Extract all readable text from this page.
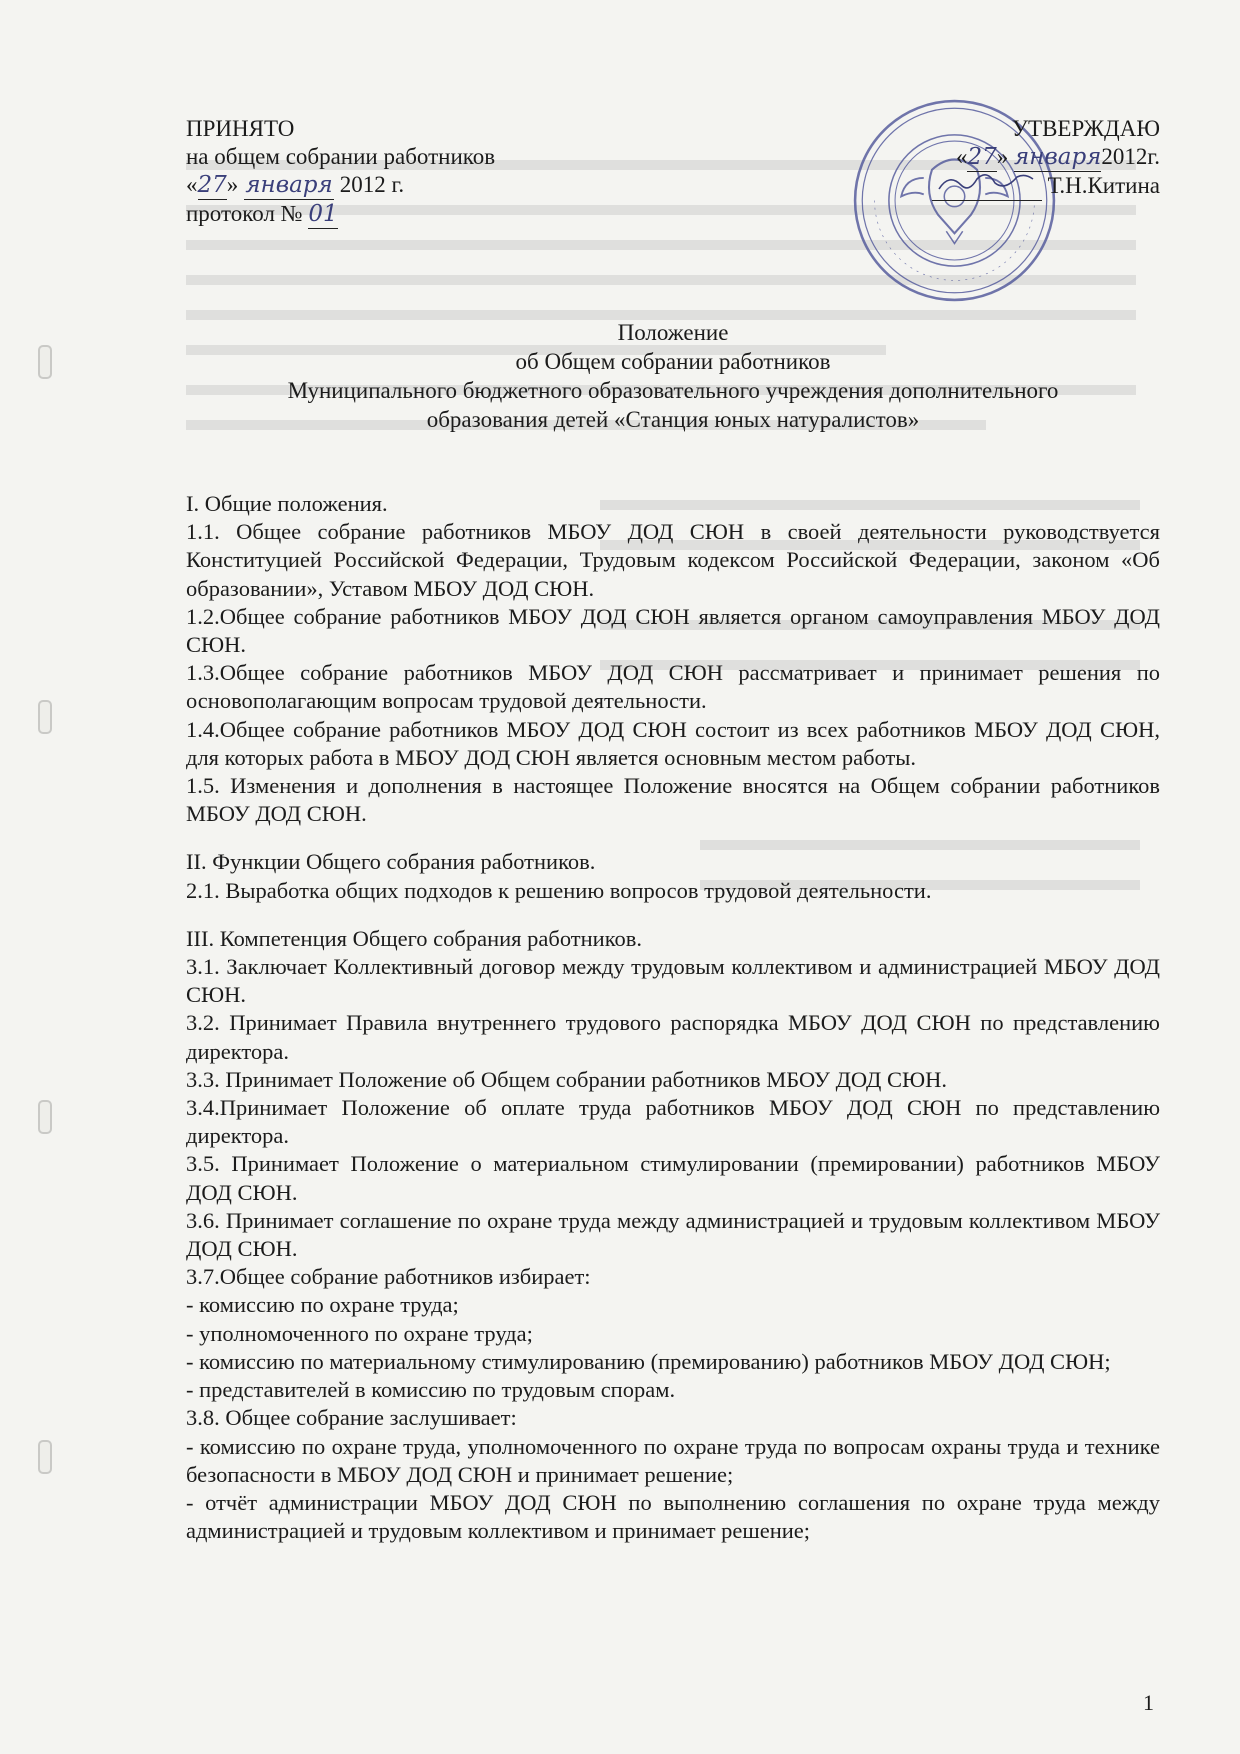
ПРИНЯТО
на общем собрании работников
«27» января 2012 г.
протокол № 01
УТВЕРЖДАЮ
«27» января2012г.
Т.Н.Китина
Положение
об Общем собрании работников
Муниципального бюджетного образовательного учреждения дополнительного
образования детей «Станция юных натуралистов»

I. Общие положения.

1.1. Общее собрание работников МБОУ ДОД СЮН в своей деятельности руководствуется Конституцией Российской Федерации, Трудовым кодексом Российской Федерации, законом «Об образовании», Уставом МБОУ ДОД СЮН.

1.2.Общее собрание работников МБОУ ДОД СЮН является органом самоуправления МБОУ ДОД СЮН.

1.3.Общее собрание работников МБОУ ДОД СЮН рассматривает и принимает решения по основополагающим вопросам трудовой деятельности.

1.4.Общее собрание работников МБОУ ДОД СЮН состоит из всех работников МБОУ ДОД СЮН, для которых работа в МБОУ ДОД СЮН является основным местом работы.

1.5. Изменения и дополнения в настоящее Положение вносятся на Общем собрании работников МБОУ ДОД СЮН.

II. Функции Общего собрания работников.

2.1. Выработка общих подходов к решению вопросов трудовой деятельности.

III. Компетенция Общего собрания работников.

3.1. Заключает Коллективный договор между трудовым коллективом и администрацией МБОУ ДОД СЮН.

3.2. Принимает Правила внутреннего трудового распорядка МБОУ ДОД СЮН по представлению директора.

3.3. Принимает Положение об Общем собрании работников МБОУ ДОД СЮН.

3.4.Принимает Положение об оплате труда работников МБОУ ДОД СЮН по представлению директора.

3.5. Принимает Положение о материальном стимулировании (премировании) работников МБОУ ДОД СЮН.

3.6. Принимает соглашение по охране труда между администрацией и трудовым коллективом МБОУ ДОД СЮН.

3.7.Общее собрание работников избирает:

- комиссию по охране труда;

- уполномоченного по охране труда;

- комиссию по материальному стимулированию (премированию) работников МБОУ ДОД СЮН;

- представителей в комиссию по трудовым спорам.

3.8. Общее собрание заслушивает:

- комиссию по охране труда, уполномоченного по охране труда по вопросам охраны труда и технике безопасности в МБОУ ДОД СЮН и принимает решение;

- отчёт администрации МБОУ ДОД СЮН по выполнению соглашения по охране труда между администрацией и трудовым коллективом и принимает решение;

1
